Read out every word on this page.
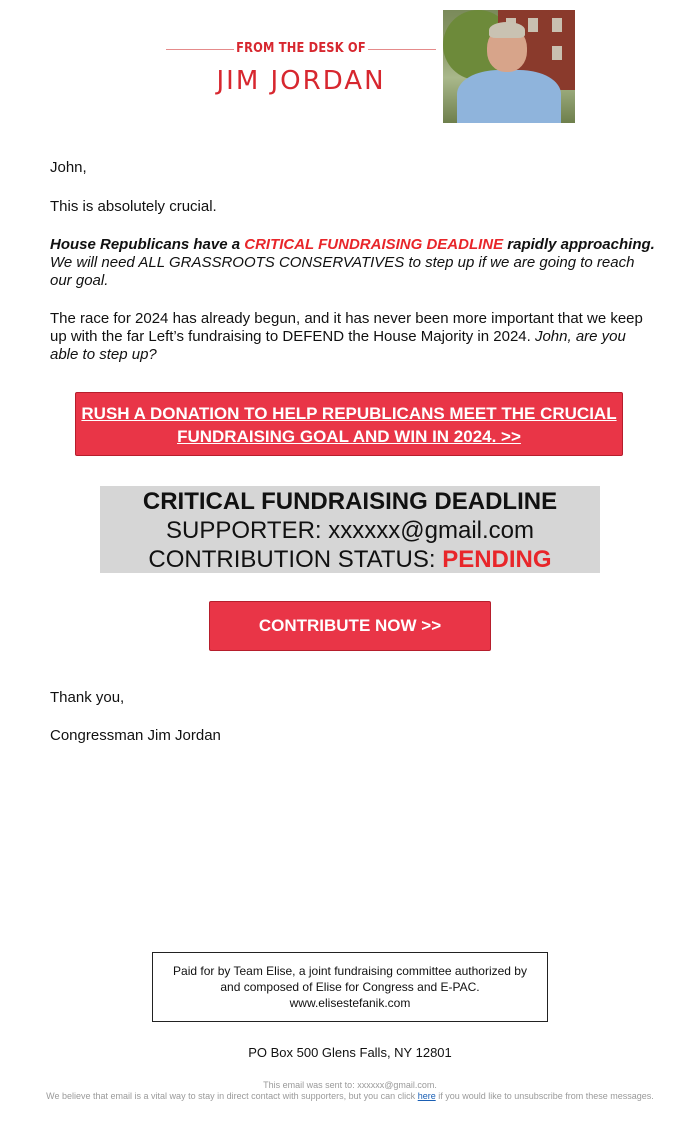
FROM THE DESK OF
JIM JORDAN
John,
This is absolutely crucial.
House Republicans have a CRITICAL FUNDRAISING DEADLINE rapidly approaching. We will need ALL GRASSROOTS CONSERVATIVES to step up if we are going to reach our goal.
The race for 2024 has already begun, and it has never been more important that we keep up with the far Left’s fundraising to DEFEND the House Majority in 2024. John, are you able to step up?
RUSH A DONATION TO HELP REPUBLICANS MEET THE CRUCIAL FUNDRAISING GOAL AND WIN IN 2024. >>
CRITICAL FUNDRAISING DEADLINE
SUPPORTER: xxxxxx@gmail.com
CONTRIBUTION STATUS: PENDING
CONTRIBUTE NOW >>
Thank you,
Congressman Jim Jordan
Paid for by Team Elise, a joint fundraising committee authorized by and composed of Elise for Congress and E-PAC. www.elisestefanik.com
PO Box 500 Glens Falls, NY 12801
This email was sent to: xxxxxx@gmail.com.
We believe that email is a vital way to stay in direct contact with supporters, but you can click here if you would like to unsubscribe from these messages.
